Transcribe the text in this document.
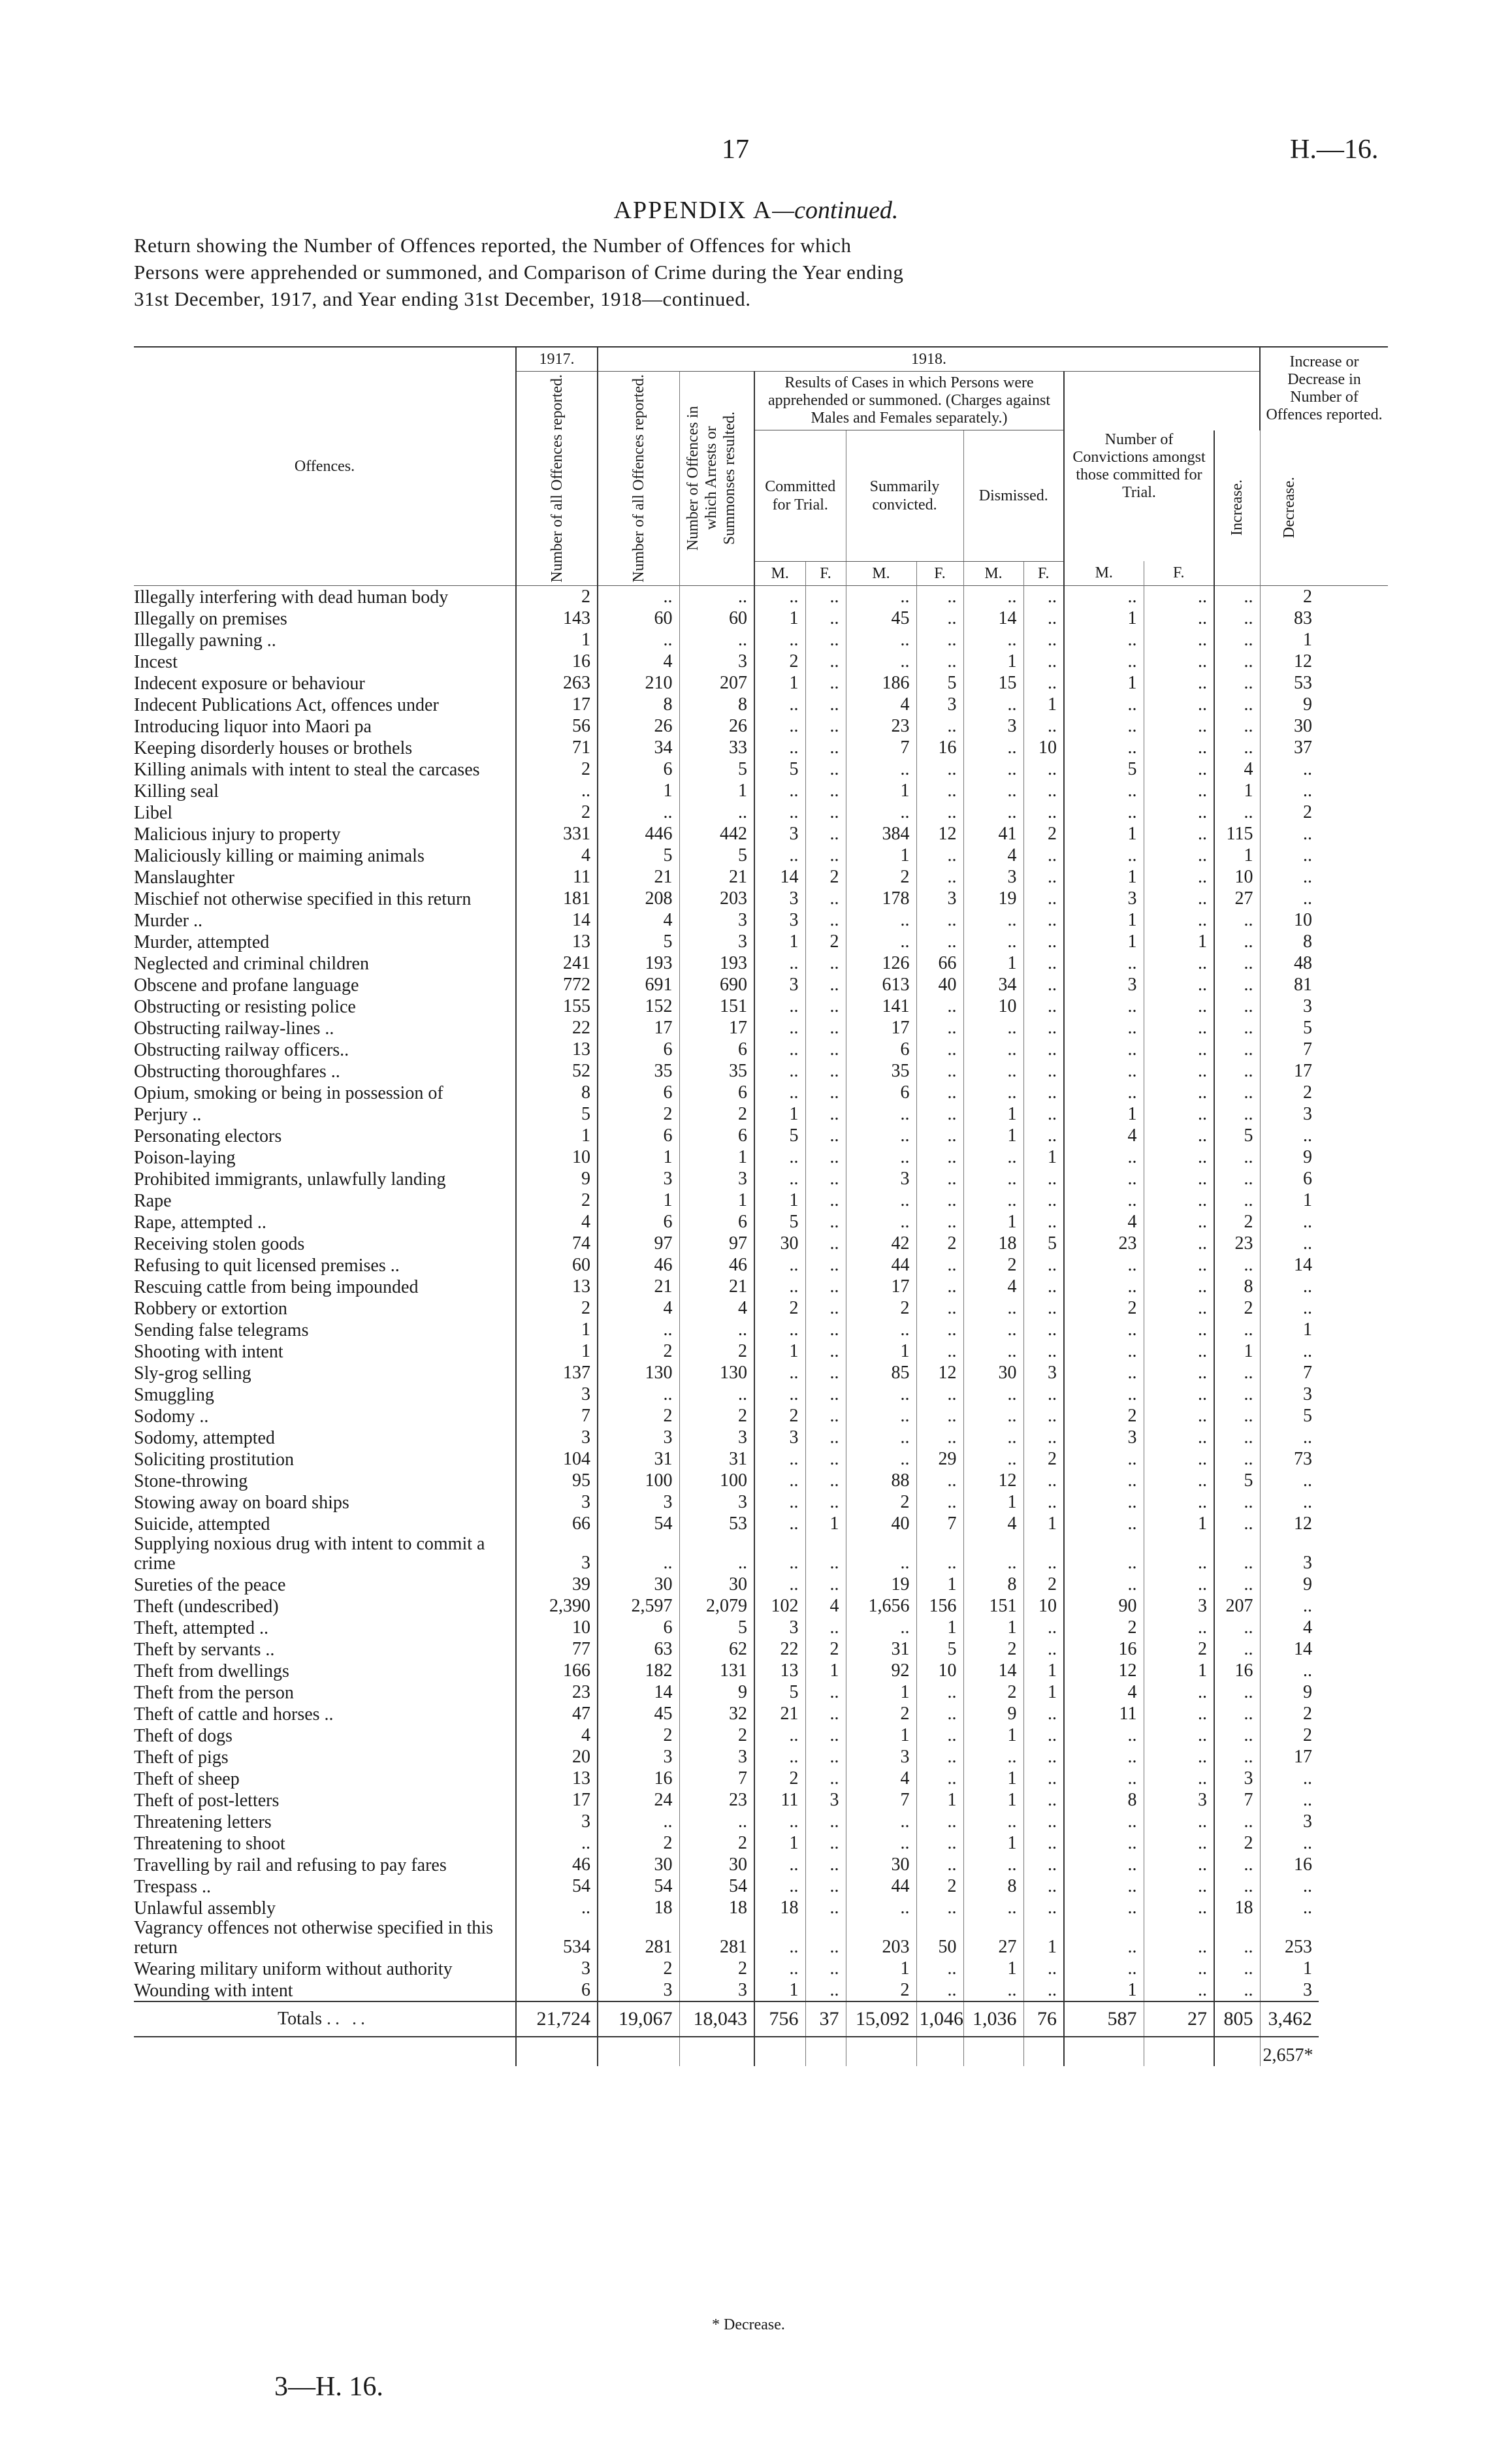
17	H.—16.
APPENDIX A—continued.
Return showing the Number of Offences reported, the Number of Offences for which
Persons were apprehended or summoned, and Comparison of Crime during the Year ending
31st December, 1917, and Year ending 31st December, 1918—continued.
Offences.	1917.	1918.											Increase or Decrease in Number of Offences reported.

	Number of all Offences reported.	Number of all Offences reported.	Number of Offences in which Arrests or Summonses resulted.	Results of Cases in which Persons were apprehended or summoned. (Charges against Males and Females separately.)						Number of Convictions amongst those committed for Trial.			
				Committed for Trial.		Summarily convicted.		Dismissed.				Increase.	Decrease.

				M.	F.	M.	F.	M.	F.	M.	F.		
Illegally interfering with dead human body	2	..	..	..	..	..	..	..	..	..	..	..	2
Illegally on premises	143	60	60	1	..	45	..	14	..	1	..	..	83
Illegally pawning ..	1	..	..	..	..	..	..	..	..	..	..	..	1
Incest	16	4	3	2	..	..	..	1	..	..	..	..	12
Indecent exposure or behaviour	263	210	207	1	..	186	5	15	..	1	..	..	53
Indecent Publications Act, offences under	17	8	8	..	..	4	3	..	1	..	..	..	9
Introducing liquor into Maori pa	56	26	26	..	..	23	..	3	..	..	..	..	30
Keeping disorderly houses or brothels	71	34	33	..	..	7	16	..	10	..	..	..	37
Killing animals with intent to steal the carcases	2	6	5	5	..	..	..	..	..	5	..	4	..
Killing seal	..	1	1	..	..	1	..	..	..	..	..	1	..
Libel	2	..	..	..	..	..	..	..	..	..	..	..	2
Malicious injury to property	331	446	442	3	..	384	12	41	2	1	..	115	..
Maliciously killing or maiming animals	4	5	5	..	..	1	..	4	..	..	..	1	..
Manslaughter	11	21	21	14	2	2	..	3	..	1	..	10	..
Mischief not otherwise specified in this return	181	208	203	3	..	178	3	19	..	3	..	27	..
Murder ..	14	4	3	3	..	..	..	..	..	1	..	..	10
Murder, attempted	13	5	3	1	2	..	..	..	..	1	1	..	8
Neglected and criminal children	241	193	193	..	..	126	66	1	..	..	..	..	48
Obscene and profane language	772	691	690	3	..	613	40	34	..	3	..	..	81
Obstructing or resisting police	155	152	151	..	..	141	..	10	..	..	..	..	3
Obstructing railway-lines ..	22	17	17	..	..	17	..	..	..	..	..	..	5
Obstructing railway officers..	13	6	6	..	..	6	..	..	..	..	..	..	7
Obstructing thoroughfares ..	52	35	35	..	..	35	..	..	..	..	..	..	17
Opium, smoking or being in possession of	8	6	6	..	..	6	..	..	..	..	..	..	2
Perjury ..	5	2	2	1	..	..	..	1	..	1	..	..	3
Personating electors	1	6	6	5	..	..	..	1	..	4	..	5	..
Poison-laying	10	1	1	..	..	..	..	..	1	..	..	..	9
Prohibited immigrants, unlawfully landing	9	3	3	..	..	3	..	..	..	..	..	..	6
Rape	2	1	1	1	..	..	..	..	..	..	..	..	1
Rape, attempted ..	4	6	6	5	..	..	..	1	..	4	..	2	..
Receiving stolen goods	74	97	97	30	..	42	2	18	5	23	..	23	..
Refusing to quit licensed premises ..	60	46	46	..	..	44	..	2	..	..	..	..	14
Rescuing cattle from being impounded	13	21	21	..	..	17	..	4	..	..	..	8	..
Robbery or extortion	2	4	4	2	..	2	..	..	..	2	..	2	..
Sending false telegrams	1	..	..	..	..	..	..	..	..	..	..	..	1
Shooting with intent	1	2	2	1	..	1	..	..	..	..	..	1	..
Sly-grog selling	137	130	130	..	..	85	12	30	3	..	..	..	7
Smuggling	3	..	..	..	..	..	..	..	..	..	..	..	3
Sodomy ..	7	2	2	2	..	..	..	..	..	2	..	..	5
Sodomy, attempted	3	3	3	3	..	..	..	..	..	3	..	..	..
Soliciting prostitution	104	31	31	..	..	..	29	..	2	..	..	..	73
Stone-throwing	95	100	100	..	..	88	..	12	..	..	..	5	..
Stowing away on board ships	3	3	3	..	..	2	..	1	..	..	..	..	..
Suicide, attempted	66	54	53	..	1	40	7	4	1	..	1	..	12
Supplying noxious drug with intent to commit a crime	3	..	..	..	..	..	..	..	..	..	..	..	3
Sureties of the peace	39	30	30	..	..	19	1	8	2	..	..	..	9
Theft (undescribed)	2,390	2,597	2,079	102	4	1,656	156	151	10	90	3	207	..
Theft, attempted ..	10	6	5	3	..	..	1	1	..	2	..	..	4
Theft by servants ..	77	63	62	22	2	31	5	2	..	16	2	..	14
Theft from dwellings	166	182	131	13	1	92	10	14	1	12	1	16	..
Theft from the person	23	14	9	5	..	1	..	2	1	4	..	..	9
Theft of cattle and horses ..	47	45	32	21	..	2	..	9	..	11	..	..	2
Theft of dogs	4	2	2	..	..	1	..	1	..	..	..	..	2
Theft of pigs	20	3	3	..	..	3	..	..	..	..	..	..	17
Theft of sheep	13	16	7	2	..	4	..	1	..	..	..	3	..
Theft of post-letters	17	24	23	11	3	7	1	1	..	8	3	7	..
Threatening letters	3	..	..	..	..	..	..	..	..	..	..	..	3
Threatening to shoot	..	2	2	1	..	..	..	1	..	..	..	2	..
Travelling by rail and refusing to pay fares	46	30	30	..	..	30	..	..	..	..	..	..	16
Trespass ..	54	54	54	..	..	44	2	8	..	..	..	..	..
Unlawful assembly	..	18	18	18	..	..	..	..	..	..	..	18	..
Vagrancy offences not otherwise specified in this return	534	281	281	..	..	203	50	27	1	..	..	..	253
Wearing military uniform without authority	3	2	2	..	..	1	..	1	..	..	..	..	1
Wounding with intent	6	3	3	1	..	2	..	..	..	1	..	..	3
Totals .. ..	21,724	19,067	18,043	756	37	15,092	1,046	1,036	76	587	27	805	3,462
													2,657*
* Decrease.
3—H. 16.
